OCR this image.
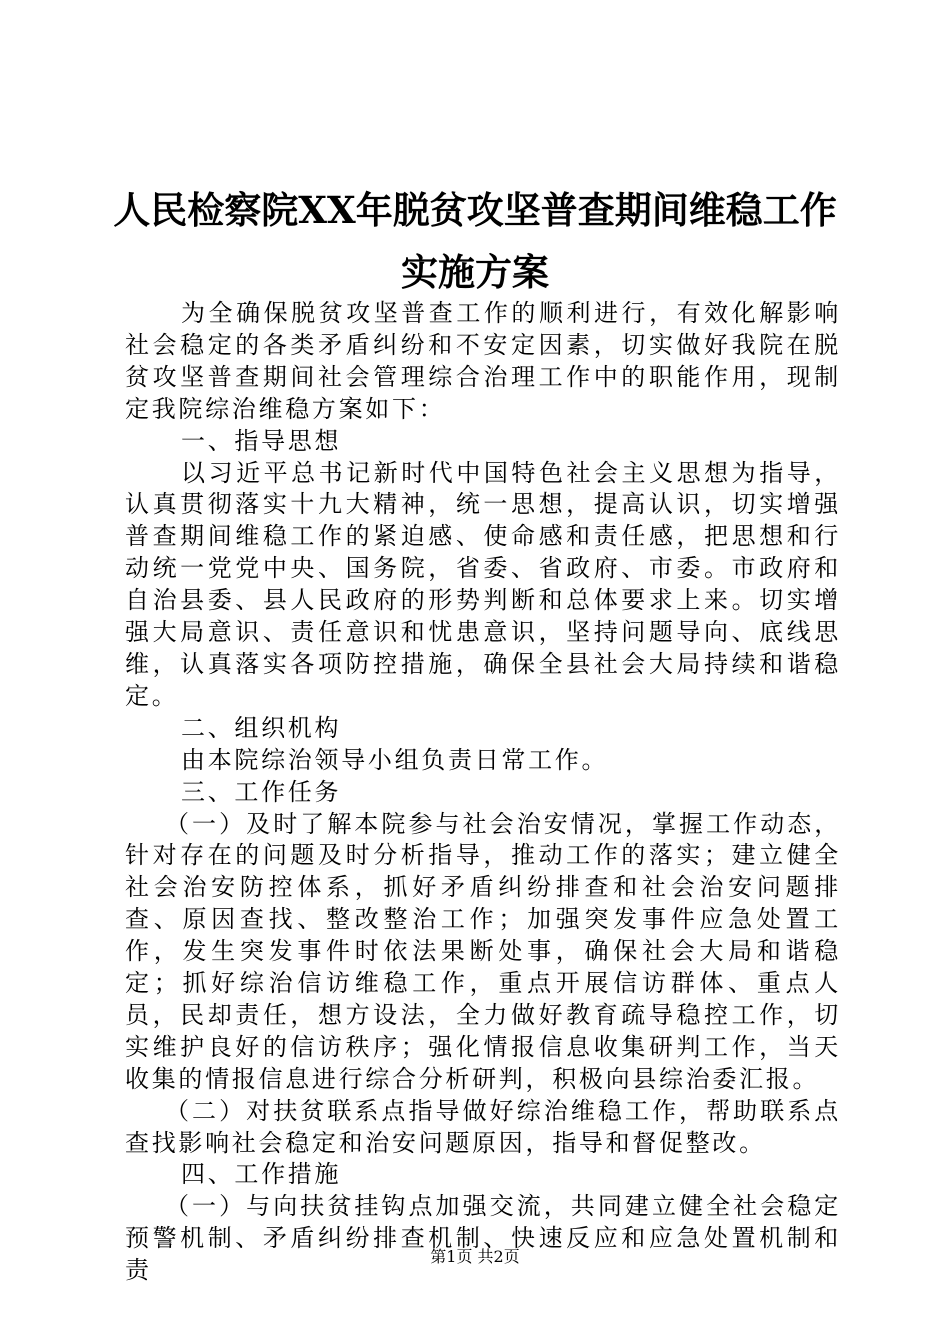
人民检察院XX年脱贫攻坚普查期间维稳工作
实施方案

为全确保脱贫攻坚普查工作的顺利进行，有效化解影响社会稳定的各类矛盾纠纷和不安定因素，切实做好我院在脱贫攻坚普查期间社会管理综合治理工作中的职能作用，现制定我院综治维稳方案如下：

一、指导思想

以习近平总书记新时代中国特色社会主义思想为指导，认真贯彻落实十九大精神，统一思想，提高认识，切实增强普查期间维稳工作的紧迫感、使命感和责任感，把思想和行动统一党党中央、国务院，省委、省政府、市委。市政府和自治县委、县人民政府的形势判断和总体要求上来。切实增强大局意识、责任意识和忧患意识，坚持问题导向、底线思维，认真落实各项防控措施，确保全县社会大局持续和谐稳定。

二、组织机构

由本院综治领导小组负责日常工作。

三、工作任务

（一）及时了解本院参与社会治安情况，掌握工作动态，针对存在的问题及时分析指导，推动工作的落实；建立健全社会治安防控体系，抓好矛盾纠纷排查和社会治安问题排查、原因查找、整改整治工作；加强突发事件应急处置工作，发生突发事件时依法果断处事，确保社会大局和谐稳定；抓好综治信访维稳工作，重点开展信访群体、重点人员，民却责任，想方设法，全力做好教育疏导稳控工作，切实维护良好的信访秩序；强化情报信息收集研判工作，当天收集的情报信息进行综合分析研判，积极向县综治委汇报。

（二）对扶贫联系点指导做好综治维稳工作，帮助联系点查找影响社会稳定和治安问题原因，指导和督促整改。

四、工作措施

（一）与向扶贫挂钩点加强交流，共同建立健全社会稳定预警机制、矛盾纠纷排查机制、快速反应和应急处置机制和责	第1页 共2页
